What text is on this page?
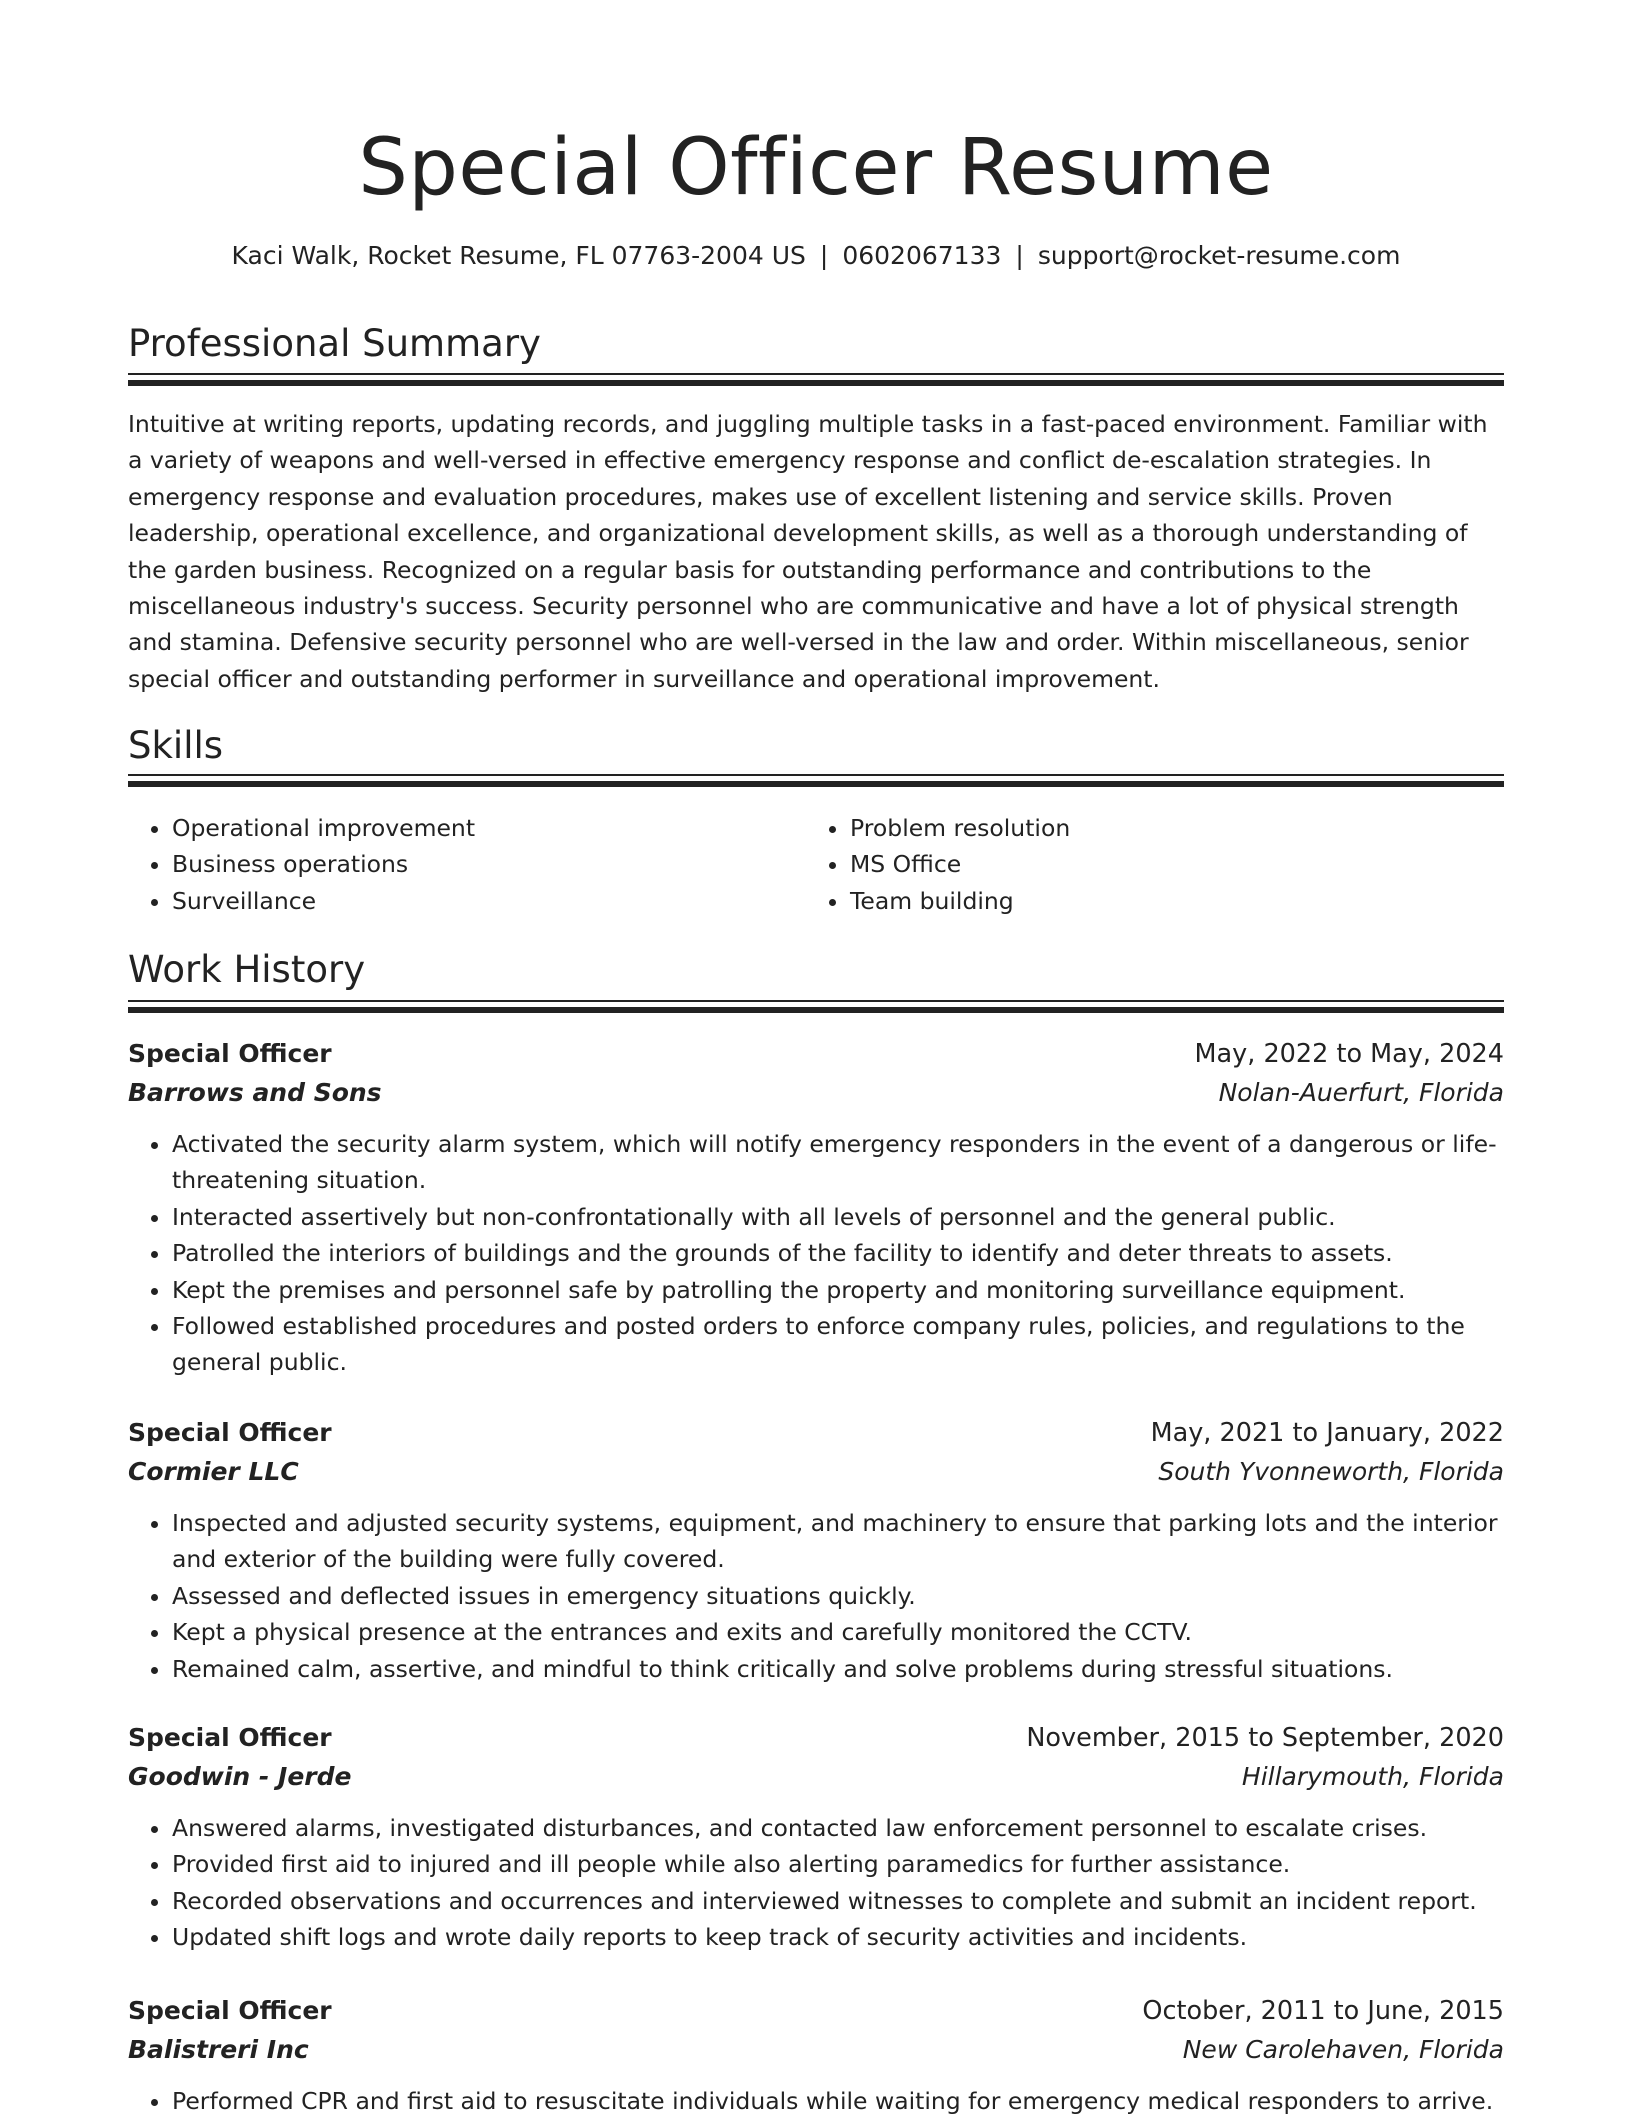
Special Officer Resume
Kaci Walk, Rocket Resume, FL 07763-2004 US | 0602067133 | support@rocket-resume.com
Professional Summary

Intuitive at writing reports, updating records, and juggling multiple tasks in a fast-paced environment. Familiar with a variety of weapons and well-versed in effective emergency response and conflict de-escalation strategies. In emergency response and evaluation procedures, makes use of excellent listening and service skills. Proven leadership, operational excellence, and organizational development skills, as well as a thorough understanding of the garden business. Recognized on a regular basis for outstanding performance and contributions to the miscellaneous industry's success. Security personnel who are communicative and have a lot of physical strength and stamina. Defensive security personnel who are well-versed in the law and order. Within miscellaneous, senior special officer and outstanding performer in surveillance and operational improvement.

Skills
• Operational improvement
• Business operations
• Surveillance
• Problem resolution
• MS Office
• Team building
Work History
Special Officer	May, 2022 to May, 2024
Barrows and Sons	Nolan-Auerfurt, Florida
• Activated the security alarm system, which will notify emergency responders in the event of a dangerous or life-threatening situation.
• Interacted assertively but non-confrontationally with all levels of personnel and the general public.
• Patrolled the interiors of buildings and the grounds of the facility to identify and deter threats to assets.
• Kept the premises and personnel safe by patrolling the property and monitoring surveillance equipment.
• Followed established procedures and posted orders to enforce company rules, policies, and regulations to the general public.
Special Officer	May, 2021 to January, 2022
Cormier LLC	South Yvonneworth, Florida
• Inspected and adjusted security systems, equipment, and machinery to ensure that parking lots and the interior and exterior of the building were fully covered.
• Assessed and deflected issues in emergency situations quickly.
• Kept a physical presence at the entrances and exits and carefully monitored the CCTV.
• Remained calm, assertive, and mindful to think critically and solve problems during stressful situations.
Special Officer	November, 2015 to September, 2020
Goodwin - Jerde	Hillarymouth, Florida
• Answered alarms, investigated disturbances, and contacted law enforcement personnel to escalate crises.
• Provided first aid to injured and ill people while also alerting paramedics for further assistance.
• Recorded observations and occurrences and interviewed witnesses to complete and submit an incident report.
• Updated shift logs and wrote daily reports to keep track of security activities and incidents.
Special Officer	October, 2011 to June, 2015
Balistreri Inc	New Carolehaven, Florida
• Performed CPR and first aid to resuscitate individuals while waiting for emergency medical responders to arrive.
